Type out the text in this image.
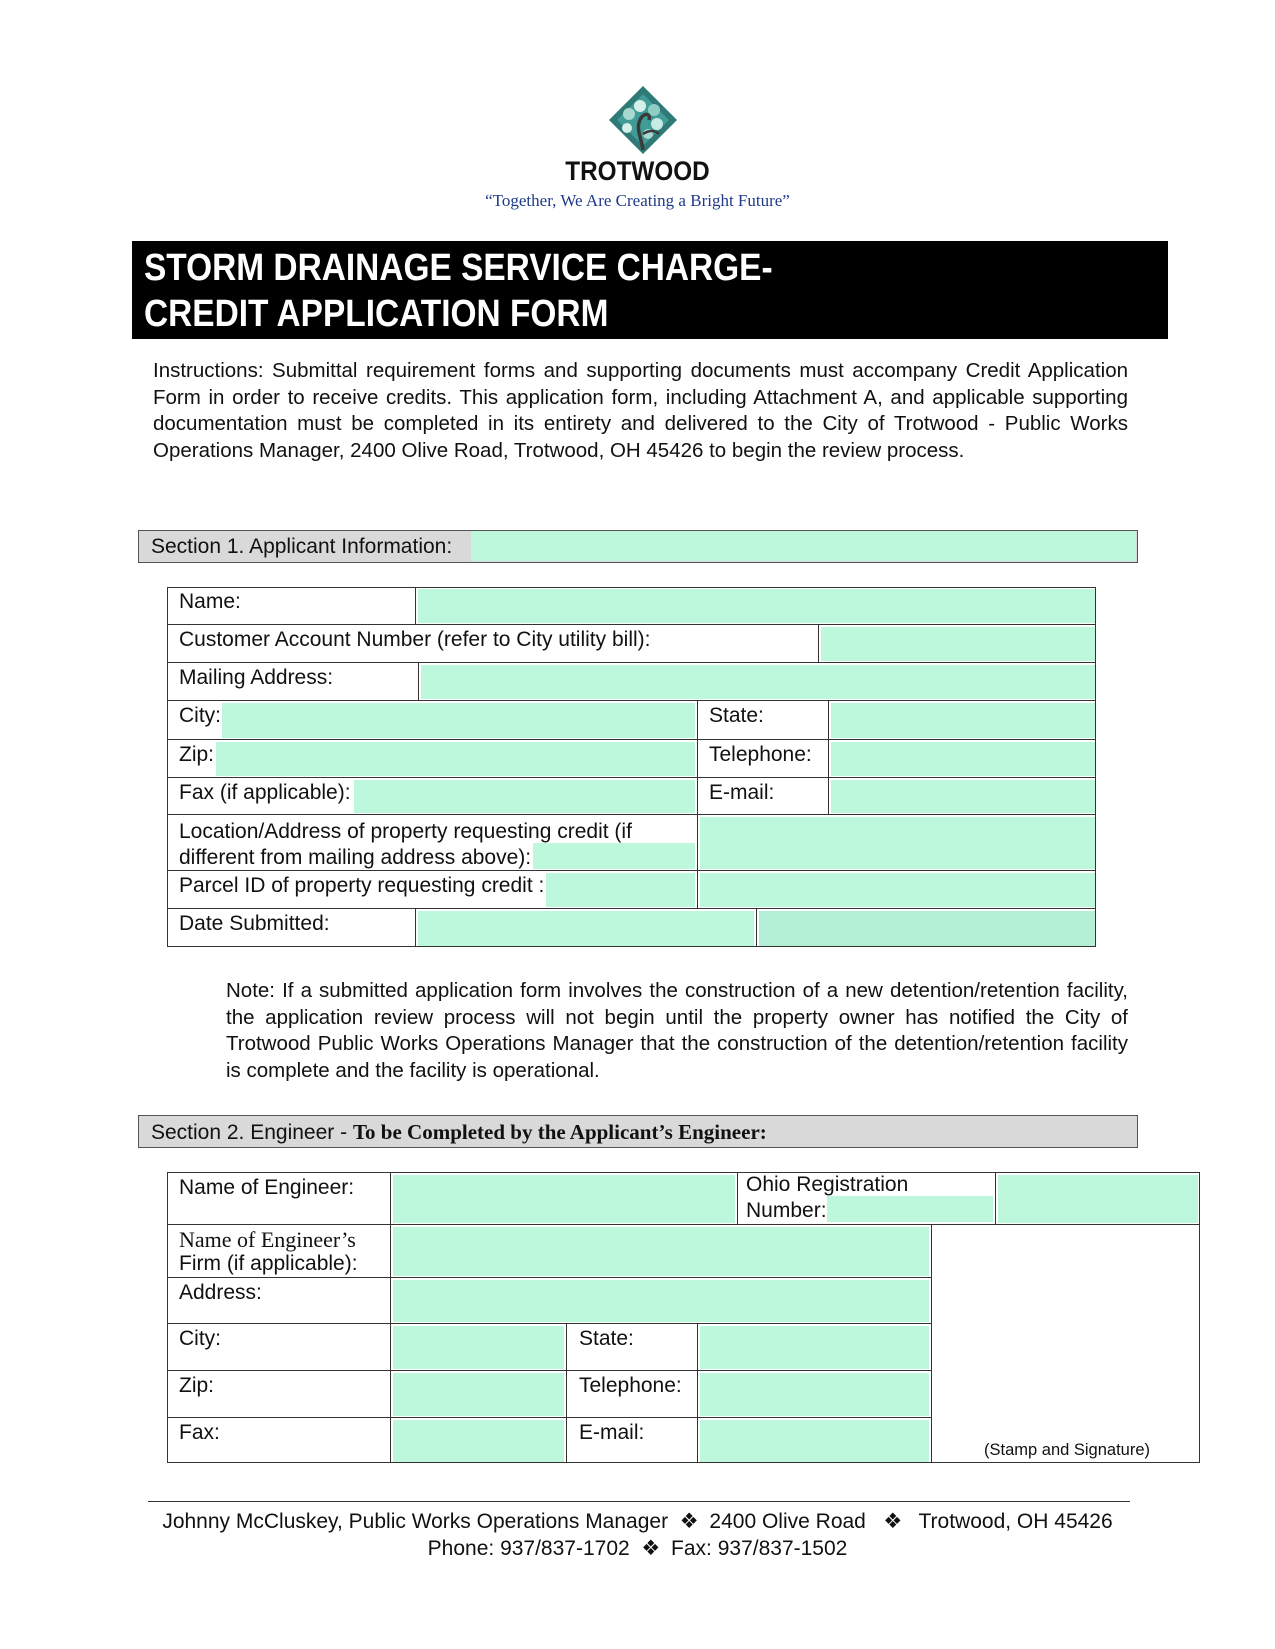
TROTWOOD
“Together, We Are Creating a Bright Future”
STORM DRAINAGE SERVICE CHARGE-
CREDIT APPLICATION FORM
Instructions: Submittal requirement forms and supporting documents must accompany Credit Application Form in order to receive credits. This application form, including Attachment A, and applicable supporting documentation must be completed in its entirety and delivered to the City of Trotwood - Public Works Operations Manager, 2400 Olive Road, Trotwood, OH 45426 to begin the review process.
Section 1. Applicant Information:
Name:
Customer Account Number (refer to City utility bill):
Mailing Address:
City:	State:
Zip:	Telephone:
Fax (if applicable):	E-mail:
Location/Address of property requesting credit (if
different from mailing address above):
Parcel ID of property requesting credit :
Date Submitted:
Note: If a submitted application form involves the construction of a new detention/retention facility, the application review process will not begin until the property owner has notified the City of Trotwood Public Works Operations Manager that the construction of the detention/retention facility is complete and the facility is operational.
Section 2. Engineer - To be Completed by the Applicant’s Engineer:
Name of Engineer:	Ohio Registration
Number:
Name of Engineer’s
Firm (if applicable):
Address:
City:	State:
Zip:	Telephone:
Fax:	E-mail:
(Stamp and Signature)
Johnny McCluskey, Public Works Operations Manager ❖ 2400 Olive Road ❖ Trotwood, OH 45426
Phone: 937/837-1702 ❖ Fax: 937/837-1502
